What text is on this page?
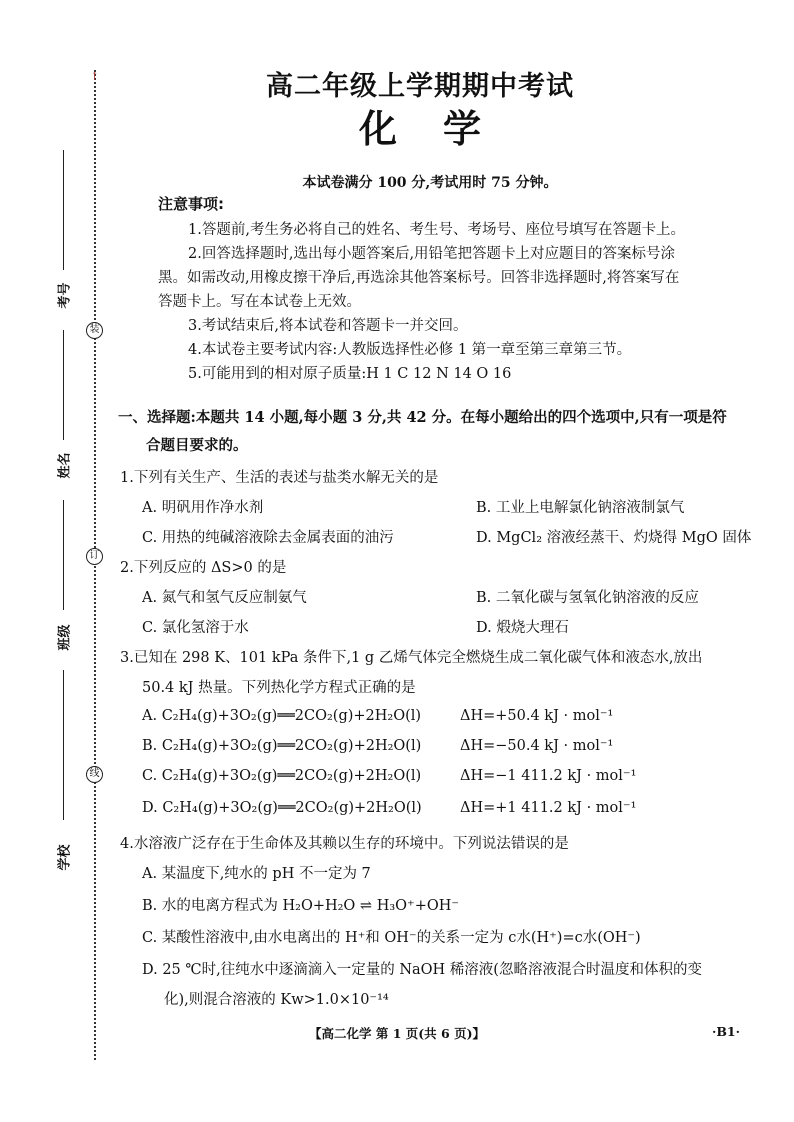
↑
考号
装
姓名
订
班级
线
学校
高二年级上学期期中考试
化学
本试卷满分 100 分,考试用时 75 分钟。
注意事项:
1.答题前,考生务必将自己的姓名、考生号、考场号、座位号填写在答题卡上。
2.回答选择题时,选出每小题答案后,用铅笔把答题卡上对应题目的答案标号涂
黑。如需改动,用橡皮擦干净后,再选涂其他答案标号。回答非选择题时,将答案写在
答题卡上。写在本试卷上无效。
3.考试结束后,将本试卷和答题卡一并交回。
4.本试卷主要考试内容:人教版选择性必修 1 第一章至第三章第三节。
5.可能用到的相对原子质量:H 1 C 12 N 14 O 16
一、选择题:本题共 14 小题,每小题 3 分,共 42 分。在每小题给出的四个选项中,只有一项是符
合题目要求的。
1.下列有关生产、生活的表述与盐类水解无关的是
A. 明矾用作净水剂	B. 工业上电解氯化钠溶液制氯气
C. 用热的纯碱溶液除去金属表面的油污	D. MgCl₂ 溶液经蒸干、灼烧得 MgO 固体
2.下列反应的 ΔS>0 的是
A. 氮气和氢气反应制氨气	B. 二氧化碳与氢氧化钠溶液的反应
C. 氯化氢溶于水	D. 煅烧大理石
3.已知在 298 K、101 kPa 条件下,1 g 乙烯气体完全燃烧生成二氧化碳气体和液态水,放出
50.4 kJ 热量。下列热化学方程式正确的是
A. C₂H₄(g)+3O₂(g)══2CO₂(g)+2H₂O(l)	ΔH=+50.4 kJ · mol⁻¹
B. C₂H₄(g)+3O₂(g)══2CO₂(g)+2H₂O(l)	ΔH=−50.4 kJ · mol⁻¹
C. C₂H₄(g)+3O₂(g)══2CO₂(g)+2H₂O(l)	ΔH=−1 411.2 kJ · mol⁻¹
D. C₂H₄(g)+3O₂(g)══2CO₂(g)+2H₂O(l)	ΔH=+1 411.2 kJ · mol⁻¹
4.水溶液广泛存在于生命体及其赖以生存的环境中。下列说法错误的是
A. 某温度下,纯水的 pH 不一定为 7
B. 水的电离方程式为 H₂O+H₂O ⇌ H₃O⁺+OH⁻
C. 某酸性溶液中,由水电离出的 H⁺和 OH⁻的关系一定为 c水(H⁺)=c水(OH⁻)
D. 25 ℃时,往纯水中逐滴滴入一定量的 NaOH 稀溶液(忽略溶液混合时温度和体积的变
化),则混合溶液的 Kw>1.0×10⁻¹⁴
【高二化学 第 1 页(共 6 页)】	·B1·
